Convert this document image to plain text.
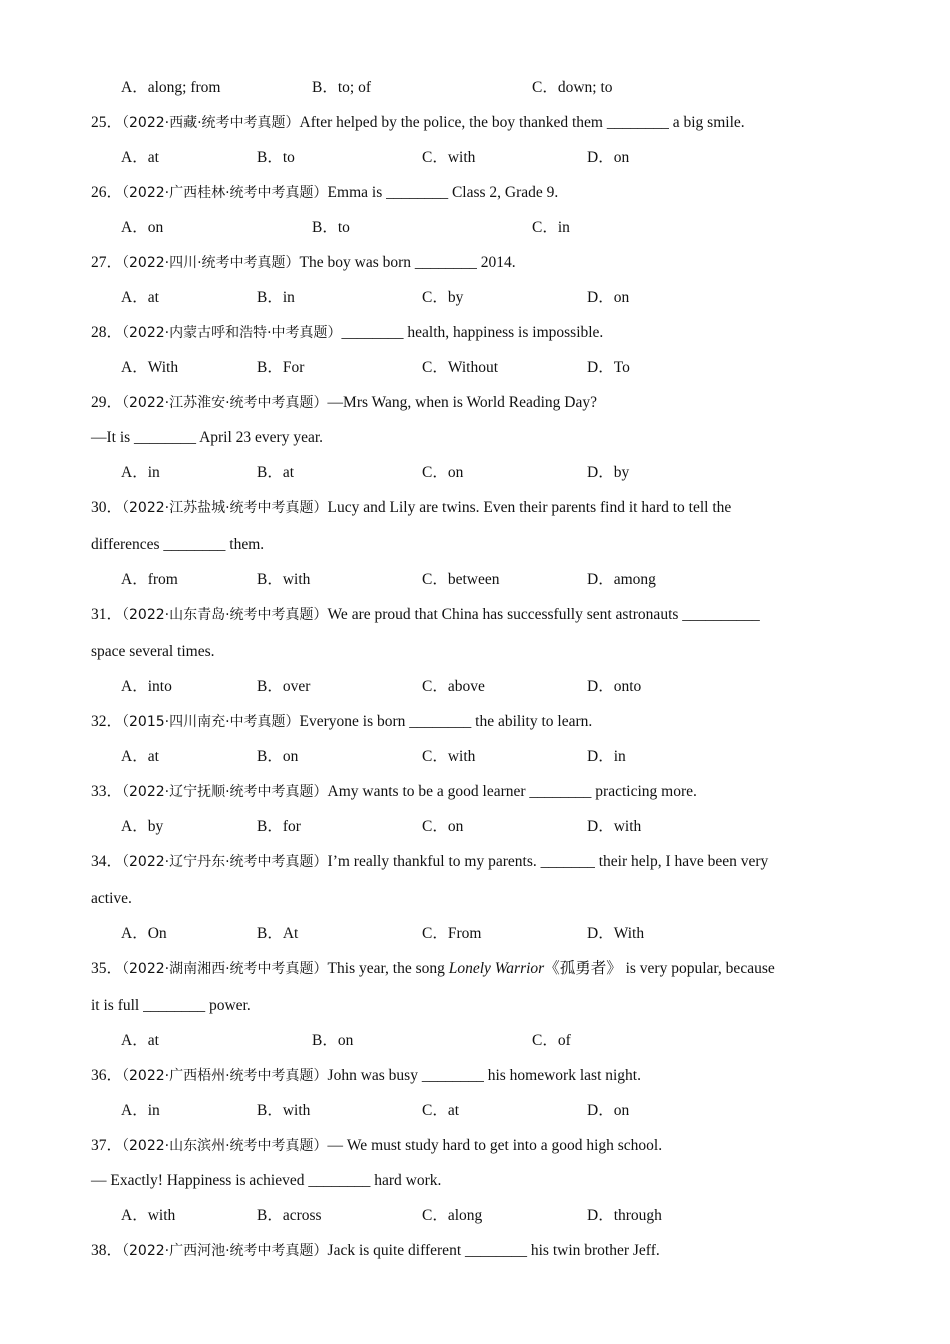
A．along; from	B．to; of	C．down; to
25．（2022·西藏·统考中考真题）After helped by the police, the boy thanked them ________ a big smile.
A．at	B．to	C．with	D．on
26．（2022·广西桂林·统考中考真题）Emma is ________ Class 2, Grade 9.
A．on	B．to	C．in
27．（2022·四川·统考中考真题）The boy was born ________ 2014.
A．at	B．in	C．by	D．on
28．（2022·内蒙古呼和浩特·中考真题）________ health, happiness is impossible.
A．With	B．For	C．Without	D．To
29．（2022·江苏淮安·统考中考真题）—Mrs Wang, when is World Reading Day?
—It is ________ April 23 every year.
A．in	B．at	C．on	D．by
30．（2022·江苏盐城·统考中考真题）Lucy and Lily are twins. Even their parents find it hard to tell the
differences ________ them.
A．from	B．with	C．between	D．among
31．（2022·山东青岛·统考中考真题）We are proud that China has successfully sent astronauts __________
space several times.
A．into	B．over	C．above	D．onto
32．（2015·四川南充·中考真题）Everyone is born ________ the ability to learn.
A．at	B．on	C．with	D．in
33．（2022·辽宁抚顺·统考中考真题）Amy wants to be a good learner ________ practicing more.
A．by	B．for	C．on	D．with
34．（2022·辽宁丹东·统考中考真题）I’m really thankful to my parents. _______ their help, I have been very
active.
A．On	B．At	C．From	D．With
35．（2022·湖南湘西·统考中考真题）This year, the song Lonely Warrior《孤勇者》 is very popular, because
it is full ________ power.
A．at	B．on	C．of
36．（2022·广西梧州·统考中考真题）John was busy ________ his homework last night.
A．in	B．with	C．at	D．on
37．（2022·山东滨州·统考中考真题）— We must study hard to get into a good high school.
— Exactly! Happiness is achieved ________ hard work.
A．with	B．across	C．along	D．through
38．（2022·广西河池·统考中考真题）Jack is quite different ________ his twin brother Jeff.
